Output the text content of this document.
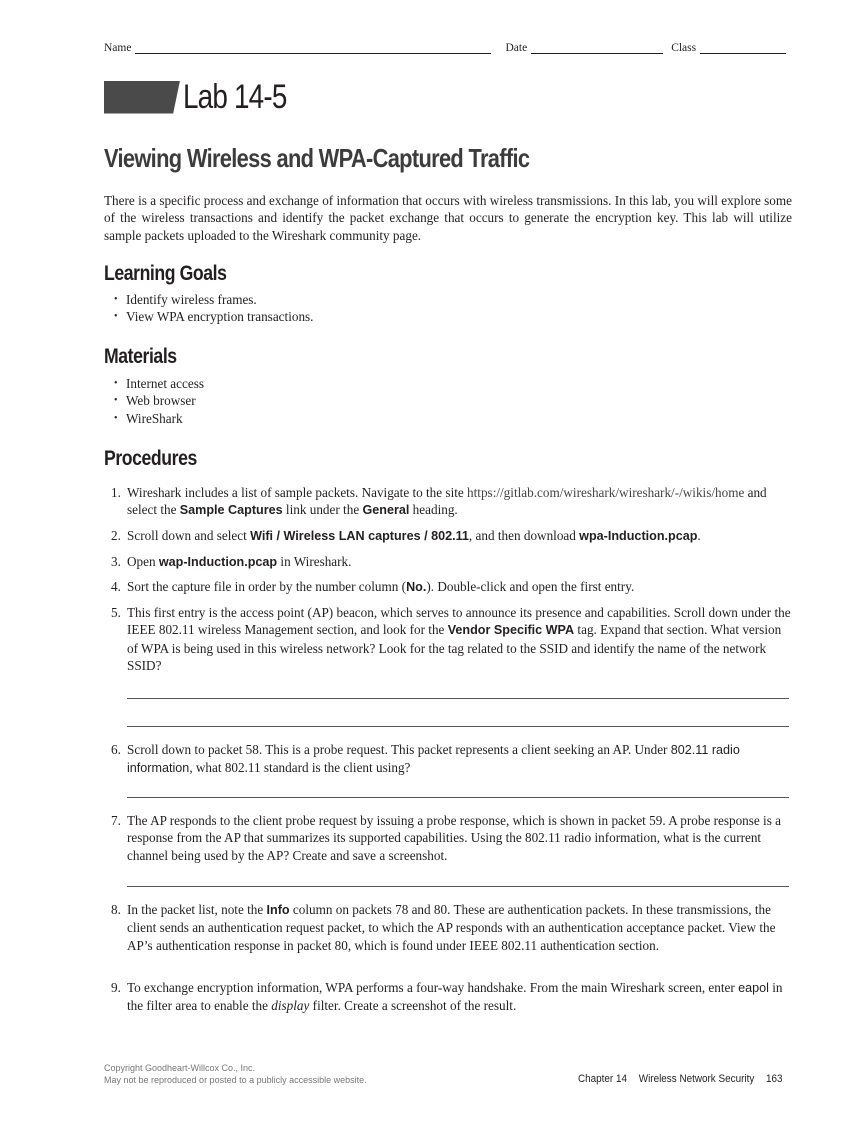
Name	Date	Class
Lab 14-5
Viewing Wireless and WPA-Captured Traffic
There is a specific process and exchange of information that occurs with wireless transmissions. In this lab, you will explore some of the wireless transactions and identify the packet exchange that occurs to generate the encryption key. This lab will utilize sample packets uploaded to the Wireshark community page.
Learning Goals
• Identify wireless frames.
• View WPA encryption transactions.
Materials
• Internet access
• Web browser
• WireShark
Procedures
1. Wireshark includes a list of sample packets. Navigate to the site https://gitlab.com/wireshark/wireshark/-/wikis/home and select the Sample Captures link under the General heading.
2. Scroll down and select Wifi / Wireless LAN captures / 802.11, and then download wpa-Induction.pcap.
3. Open wap-Induction.pcap in Wireshark.
4. Sort the capture file in order by the number column (No.). Double-click and open the first entry.
5. This first entry is the access point (AP) beacon, which serves to announce its presence and capabilities. Scroll down under the IEEE 802.11 wireless Management section, and look for the Vendor Specific WPA tag. Expand that section. What version of WPA is being used in this wireless network? Look for the tag related to the SSID and identify the name of the network SSID?
6. Scroll down to packet 58. This is a probe request. This packet represents a client seeking an AP. Under 802.11 radio information, what 802.11 standard is the client using?
7. The AP responds to the client probe request by issuing a probe response, which is shown in packet 59. A probe response is a response from the AP that summarizes its supported capabilities. Using the 802.11 radio information, what is the current channel being used by the AP? Create and save a screenshot.
8. In the packet list, note the Info column on packets 78 and 80. These are authentication packets. In these transmissions, the client sends an authentication request packet, to which the AP responds with an authentication acceptance packet. View the AP’s authentication response in packet 80, which is found under IEEE 802.11 authentication section.
9. To exchange encryption information, WPA performs a four-way handshake. From the main Wireshark screen, enter eapol in the filter area to enable the display filter. Create a screenshot of the result.
Copyright Goodheart-Willcox Co., Inc.
May not be reproduced or posted to a publicly accessible website.	Chapter 14 Wireless Network Security 163
